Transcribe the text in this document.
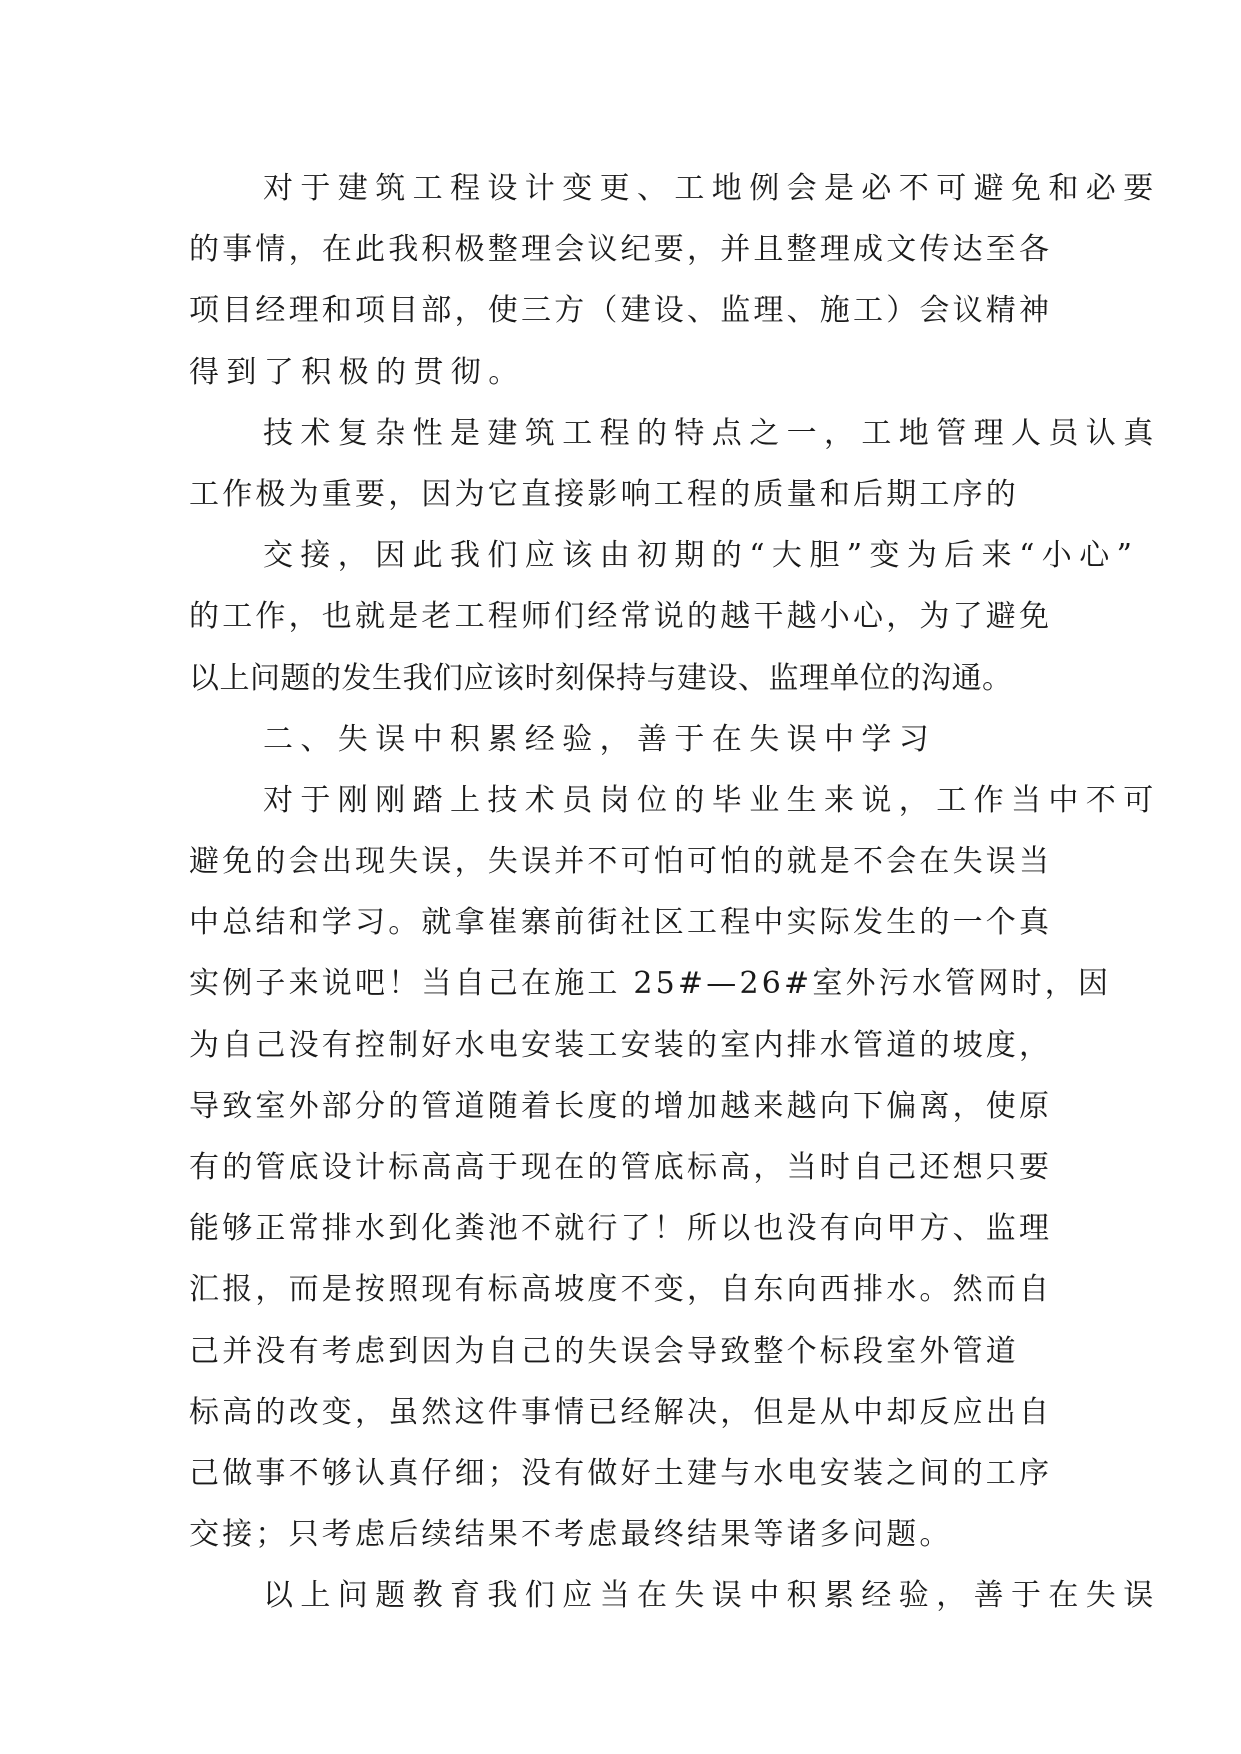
对于建筑工程设计变更、工地例会是必不可避免和必要
的事情，在此我积极整理会议纪要，并且整理成文传达至各
项目经理和项目部，使三方（建设、监理、施工）会议精神
得到了积极的贯彻。
技术复杂性是建筑工程的特点之一，工地管理人员认真
工作极为重要，因为它直接影响工程的质量和后期工序的
交接，因此我们应该由初期的“大胆”变为后来“小心”
的工作，也就是老工程师们经常说的越干越小心，为了避免
以上问题的发生我们应该时刻保持与建设、监理单位的沟通。
二、失误中积累经验，善于在失误中学习
对于刚刚踏上技术员岗位的毕业生来说，工作当中不可
避免的会出现失误，失误并不可怕可怕的就是不会在失误当
中总结和学习。就拿崔寨前街社区工程中实际发生的一个真
实例子来说吧！当自己在施工 25#—26#室外污水管网时，因
为自己没有控制好水电安装工安装的室内排水管道的坡度，
导致室外部分的管道随着长度的增加越来越向下偏离，使原
有的管底设计标高高于现在的管底标高，当时自己还想只要
能够正常排水到化粪池不就行了！所以也没有向甲方、监理
汇报，而是按照现有标高坡度不变，自东向西排水。然而自
己并没有考虑到因为自己的失误会导致整个标段室外管道
标高的改变，虽然这件事情已经解决，但是从中却反应出自
己做事不够认真仔细；没有做好土建与水电安装之间的工序
交接；只考虑后续结果不考虑最终结果等诸多问题。
以上问题教育我们应当在失误中积累经验，善于在失误
